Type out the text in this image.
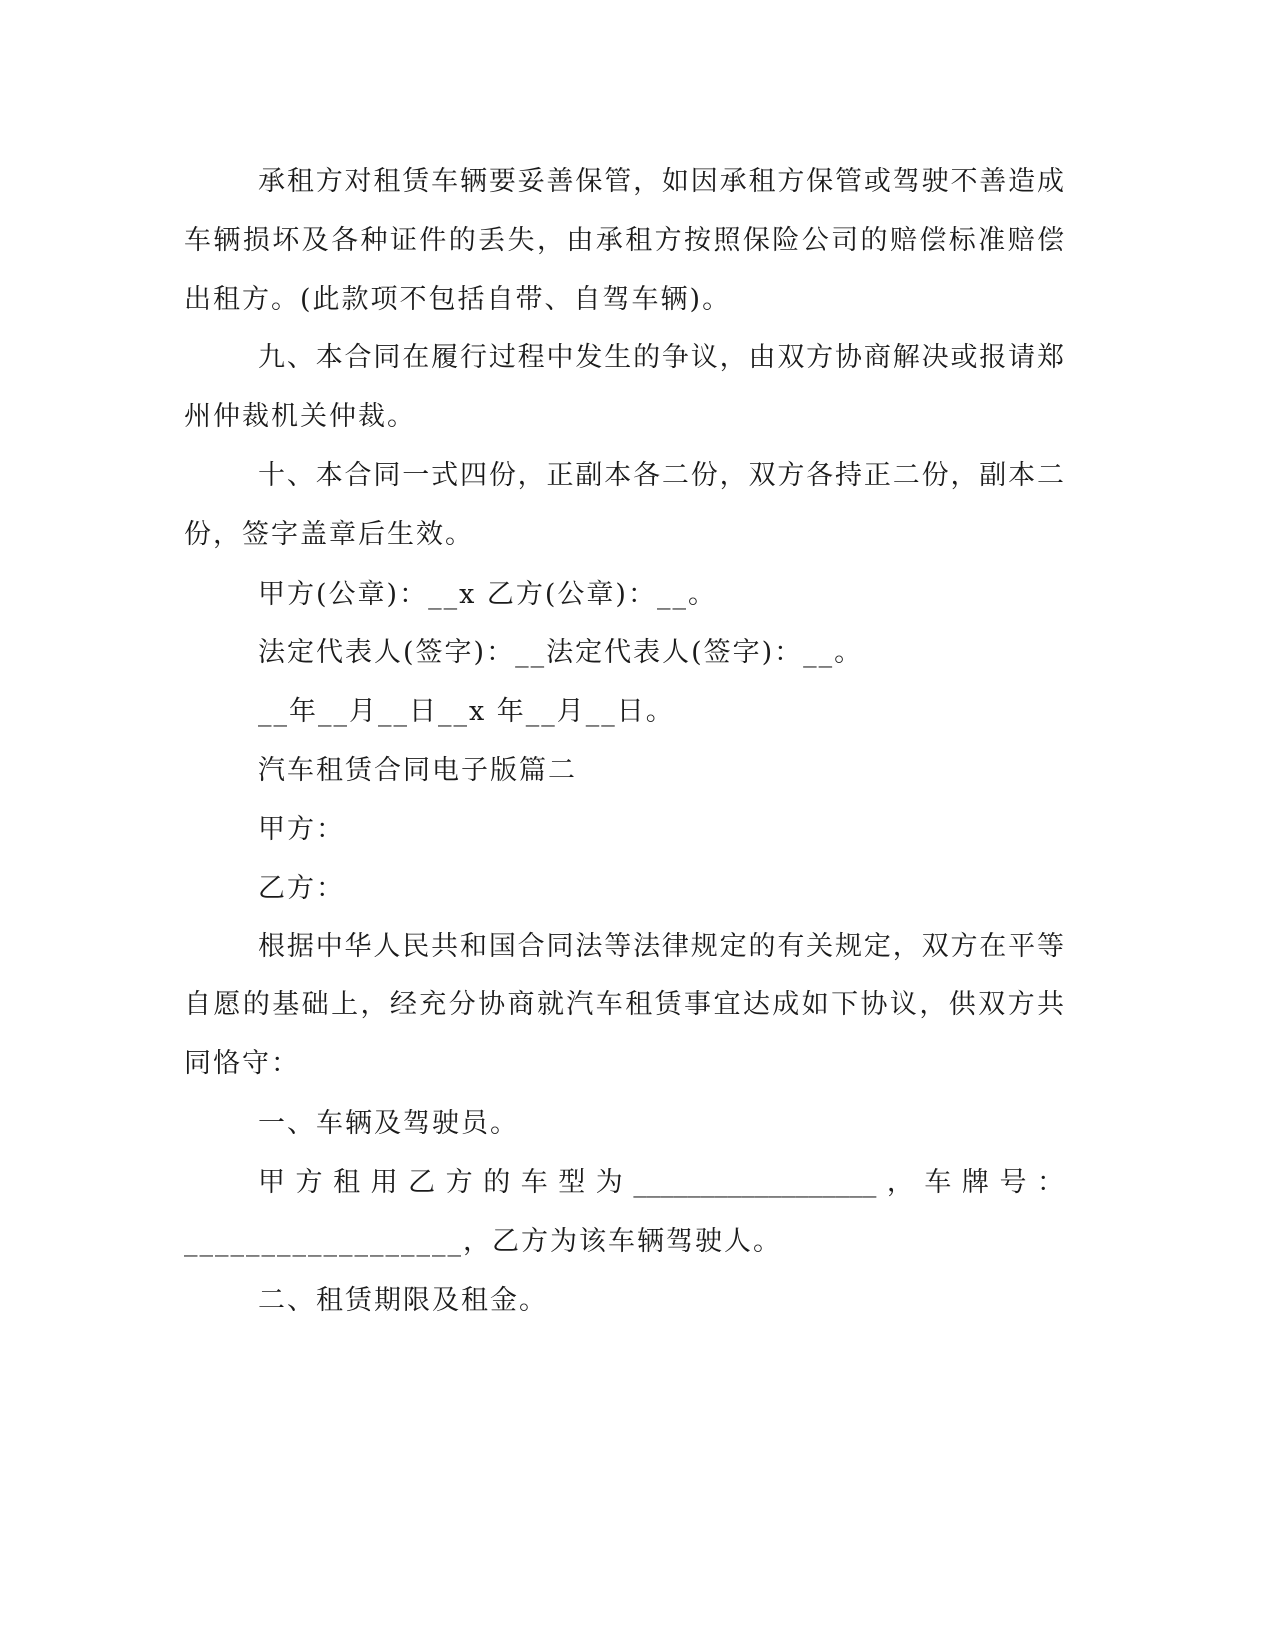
承租方对租赁车辆要妥善保管，如因承租方保管或驾驶不善造成
车辆损坏及各种证件的丢失，由承租方按照保险公司的赔偿标准赔偿
出租方。(此款项不包括自带、自驾车辆)。
九、本合同在履行过程中发生的争议，由双方协商解决或报请郑
州仲裁机关仲裁。
十、本合同一式四份，正副本各二份，双方各持正二份，副本二
份，签字盖章后生效。
甲方(公章)：__x 乙方(公章)：__。
法定代表人(签字)：__法定代表人(签字)：__。
__年__月__日__x 年__月__日。
汽车租赁合同电子版篇二
甲方：
乙方：
根据中华人民共和国合同法等法律规定的有关规定，双方在平等
自愿的基础上，经充分协商就汽车租赁事宜达成如下协议，供双方共
同恪守：
一、车辆及驾驶员。
甲方租用乙方的车型为__________________，车牌号：
__________________，乙方为该车辆驾驶人。
二、租赁期限及租金。
